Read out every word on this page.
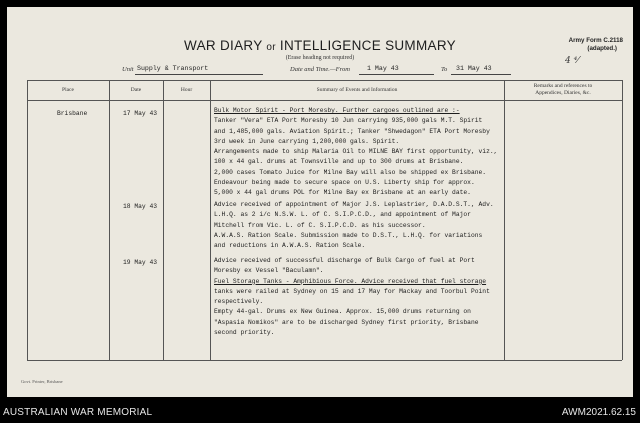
WAR DIARY or INTELLIGENCE SUMMARY
(Erase heading not required)
Army Form C.2118
(adapted.)
4 ⁴⁄
Unit Supply & Transport	Date and Time.—From	1 May 43	To 31 May 43
Place	Date	Hour	Summary of Events and Information
Remarks and references to
Appendices, Diaries, &c.
Brisbane	17 May 43	Bulk Motor Spirit - Port Moresby. Further cargoes outlined are :-
Tanker "Vera" ETA Port Moresby 10 Jun carrying 935,000 gals M.T. Spirit
and 1,485,000 gals. Aviation Spirit.; Tanker "Shwedagon" ETA Port Moresby
3rd week in June carrying 1,200,000 gals. Spirit.
Arrangements made to ship Malaria Oil to MILNE BAY first opportunity, viz.,
100 x 44 gal. drums at Townsville and up to 300 drums at Brisbane.
2,000 cases Tomato Juice for Milne Bay will also be shipped ex Brisbane.
Endeavour being made to secure space on U.S. Liberty ship for approx.
5,000 x 44 gal drums POL for Milne Bay ex Brisbane at an early date.
18 May 43	Advice received of appointment of Major J.S. Leplastrier, D.A.D.S.T., Adv.
L.H.Q. as 2 i/c N.S.W. L. of C. S.I.P.C.D., and appointment of Major
Mitchell from Vic. L. of C. S.I.P.C.D. as his successor.
A.W.A.S. Ration Scale. Submission made to D.S.T., L.H.Q. for variations
and reductions in A.W.A.S. Ration Scale.
19 May 43	Advice received of successful discharge of Bulk Cargo of fuel at Port
Moresby ex Vessel "Baculamn".
Fuel Storage Tanks - Amphibious Force. Advice received that fuel storage
tanks were railed at Sydney on 15 and 17 May for Mackay and Toorbul Point
respectively.
Empty 44-gal. Drums ex New Guinea. Approx. 15,000 drums returning on
"Aspasia Nomikos" are to be discharged Sydney first priority, Brisbane
second priority.
Govt. Printer, Brisbane
AUSTRALIAN WAR MEMORIAL	AWM2021.62.15
